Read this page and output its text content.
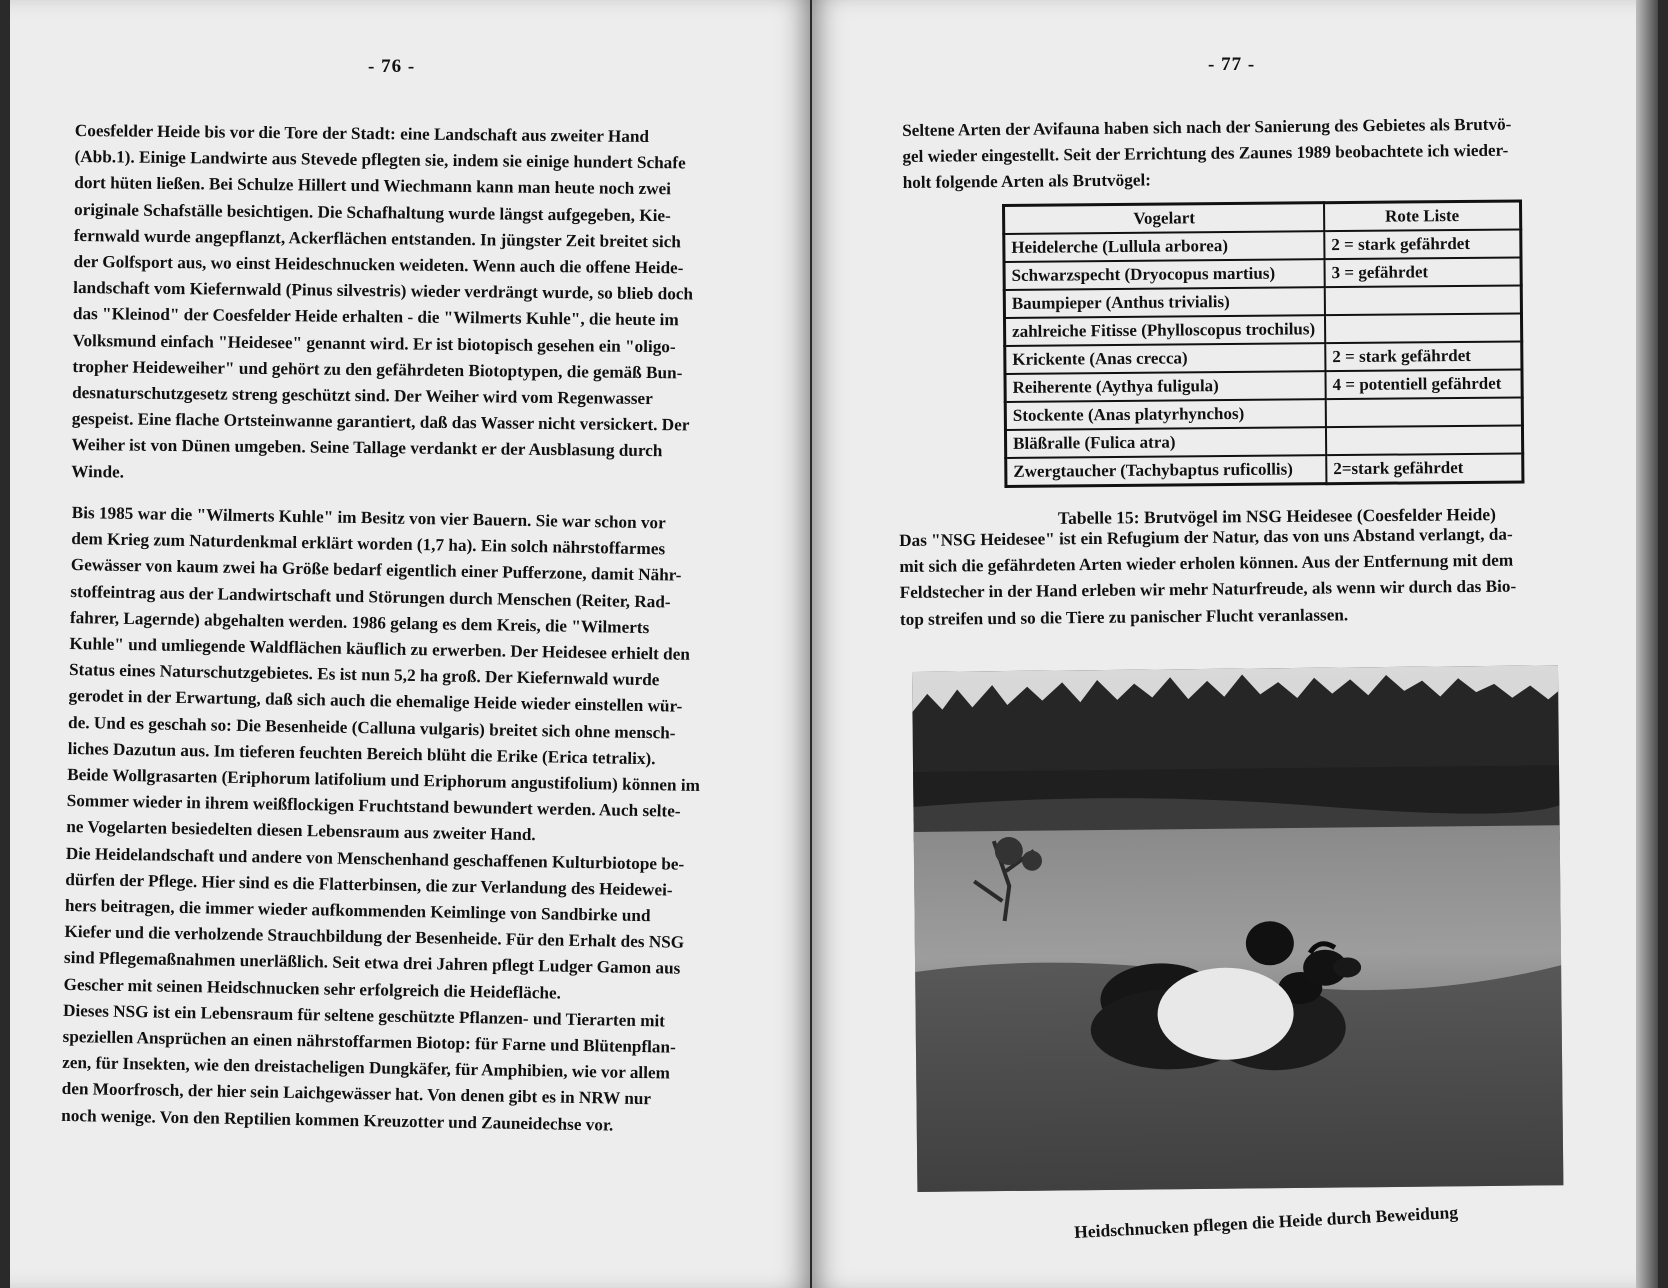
- 76 -
Coesfelder Heide bis vor die Tore der Stadt: eine Landschaft aus zweiter Hand
(Abb.1). Einige Landwirte aus Stevede pflegten sie, indem sie einige hundert Schafe
dort hüten ließen. Bei Schulze Hillert und Wiechmann kann man heute noch zwei
originale Schafställe besichtigen. Die Schafhaltung wurde längst aufgegeben, Kie-
fernwald wurde angepflanzt, Ackerflächen entstanden. In jüngster Zeit breitet sich
der Golfsport aus, wo einst Heideschnucken weideten. Wenn auch die offene Heide-
landschaft vom Kiefernwald (Pinus silvestris) wieder verdrängt wurde, so blieb doch
das "Kleinod" der Coesfelder Heide erhalten - die "Wilmerts Kuhle", die heute im
Volksmund einfach "Heidesee" genannt wird. Er ist biotopisch gesehen ein "oligo-
tropher Heideweiher" und gehört zu den gefährdeten Biotoptypen, die gemäß Bun-
desnaturschutzgesetz streng geschützt sind. Der Weiher wird vom Regenwasser
gespeist. Eine flache Ortsteinwanne garantiert, daß das Wasser nicht versickert. Der
Weiher ist von Dünen umgeben. Seine Tallage verdankt er der Ausblasung durch
Winde.
Bis 1985 war die "Wilmerts Kuhle" im Besitz von vier Bauern. Sie war schon vor
dem Krieg zum Naturdenkmal erklärt worden (1,7 ha). Ein solch nährstoffarmes
Gewässer von kaum zwei ha Größe bedarf eigentlich einer Pufferzone, damit Nähr-
stoffeintrag aus der Landwirtschaft und Störungen durch Menschen (Reiter, Rad-
fahrer, Lagernde) abgehalten werden. 1986 gelang es dem Kreis, die "Wilmerts
Kuhle" und umliegende Waldflächen käuflich zu erwerben. Der Heidesee erhielt den
Status eines Naturschutzgebietes. Es ist nun 5,2 ha groß. Der Kiefernwald wurde
gerodet in der Erwartung, daß sich auch die ehemalige Heide wieder einstellen wür-
de. Und es geschah so: Die Besenheide (Calluna vulgaris) breitet sich ohne mensch-
liches Dazutun aus. Im tieferen feuchten Bereich blüht die Erike (Erica tetralix).
Beide Wollgrasarten (Eriphorum latifolium und Eriphorum angustifolium) können im
Sommer wieder in ihrem weißflockigen Fruchtstand bewundert werden. Auch selte-
ne Vogelarten besiedelten diesen Lebensraum aus zweiter Hand.
Die Heidelandschaft und andere von Menschenhand geschaffenen Kulturbiotope be-
dürfen der Pflege. Hier sind es die Flatterbinsen, die zur Verlandung des Heidewei-
hers beitragen, die immer wieder aufkommenden Keimlinge von Sandbirke und
Kiefer und die verholzende Strauchbildung der Besenheide. Für den Erhalt des NSG
sind Pflegemaßnahmen unerläßlich. Seit etwa drei Jahren pflegt Ludger Gamon aus
Gescher mit seinen Heidschnucken sehr erfolgreich die Heidefläche.
Dieses NSG ist ein Lebensraum für seltene geschützte Pflanzen- und Tierarten mit
speziellen Ansprüchen an einen nährstoffarmen Biotop: für Farne und Blütenpflan-
zen, für Insekten, wie den dreistacheligen Dungkäfer, für Amphibien, wie vor allem
den Moorfrosch, der hier sein Laichgewässer hat. Von denen gibt es in NRW nur
noch wenige. Von den Reptilien kommen Kreuzotter und Zauneidechse vor.
- 77 -
Seltene Arten der Avifauna haben sich nach der Sanierung des Gebietes als Brutvö-
gel wieder eingestellt. Seit der Errichtung des Zaunes 1989 beobachtete ich wieder-
holt folgende Arten als Brutvögel:
Vogelart	Rote Liste
Heidelerche (Lullula arborea)	2 = stark gefährdet
Schwarzspecht (Dryocopus martius)	3 = gefährdet
Baumpieper (Anthus trivialis)	
zahlreiche Fitisse (Phylloscopus trochilus)	
Krickente (Anas crecca)	2 = stark gefährdet
Reiherente (Aythya fuligula)	4 = potentiell gefährdet
Stockente (Anas platyrhynchos)	
Bläßralle (Fulica atra)	
Zwergtaucher (Tachybaptus ruficollis)	2=stark gefährdet
Tabelle 15: Brutvögel im NSG Heidesee (Coesfelder Heide)
Das "NSG Heidesee" ist ein Refugium der Natur, das von uns Abstand verlangt, da-
mit sich die gefährdeten Arten wieder erholen können. Aus der Entfernung mit dem
Feldstecher in der Hand erleben wir mehr Naturfreude, als wenn wir durch das Bio-
top streifen und so die Tiere zu panischer Flucht veranlassen.
Heidschnucken pflegen die Heide durch Beweidung
